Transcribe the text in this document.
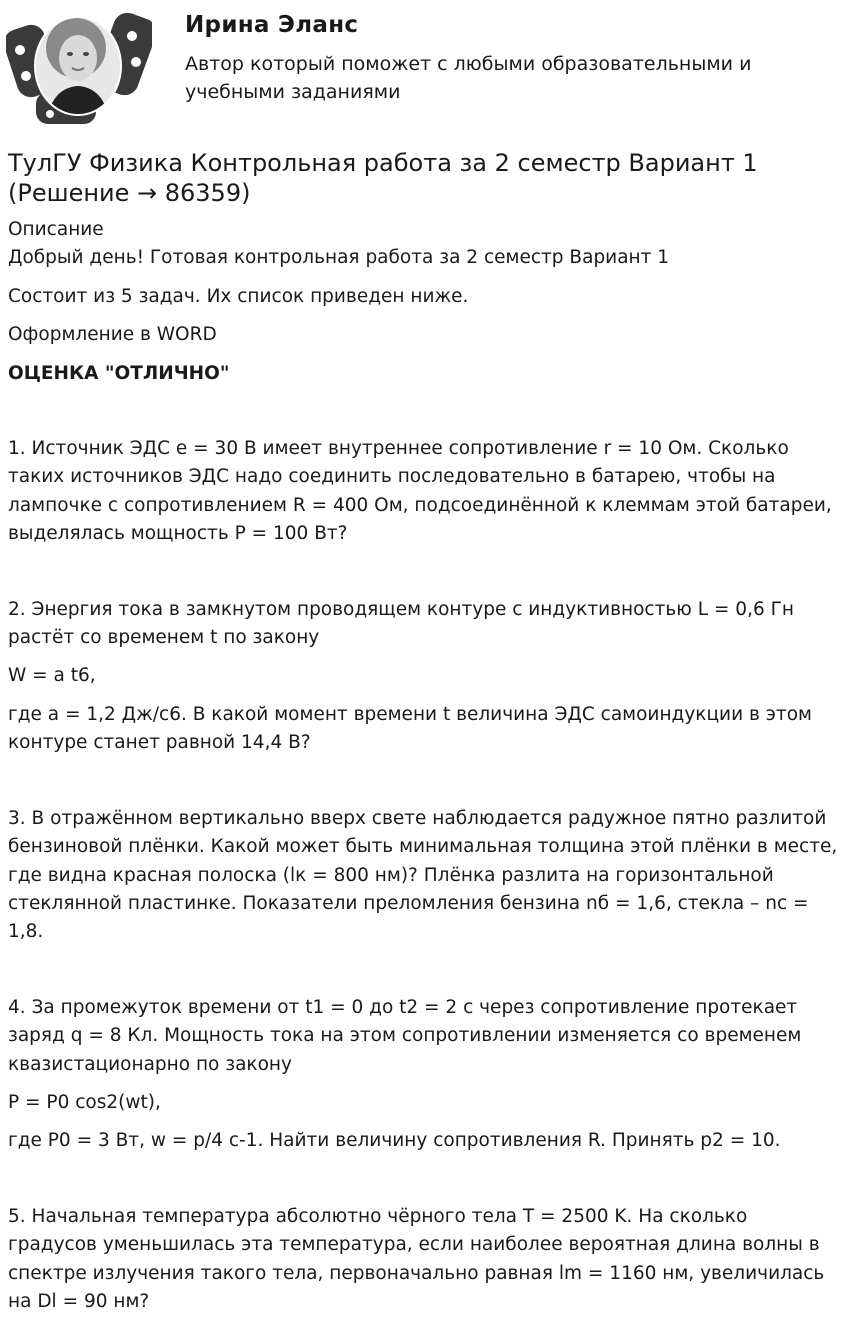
Ирина Эланс
Автор который поможет с любыми образовательными и учебными заданиями
ТулГУ Физика Контрольная работа за 2 семестр Вариант 1 (Решение → 86359)

Описание

Добрый день! Готовая контрольная работа за 2 семестр Вариант 1

Состоит из 5 задач. Их список приведен ниже.

Оформление в WORD

ОЦЕНКА "ОТЛИЧНО"

1. Источник ЭДС e = 30 В имеет внутреннее сопротивление r = 10 Ом. Сколько таких источников ЭДС надо соединить последовательно в батарею, чтобы на лампочке с сопротивлением R = 400 Ом, подсоединённой к клеммам этой батареи, выделялась мощность P = 100 Вт?

2. Энергия тока в замкнутом проводящем контуре с индуктивностью L = 0,6 Гн растёт со временем t по закону

W = a t6,

где a = 1,2 Дж/с6. В какой момент времени t величина ЭДС самоиндукции в этом контуре станет равной 14,4 В?

3. В отражённом вертикально вверх свете наблюдается радужное пятно разлитой бензиновой плёнки. Какой может быть минимальная толщина этой плёнки в месте, где видна красная полоска (lк = 800 нм)? Плёнка разлита на горизонтальной стеклянной пластинке. Показатели преломления бензина nб = 1,6, стекла – nс = 1,8.

4. За промежуток времени от t1 = 0 до t2 = 2 с через сопротивление протекает заряд q = 8 Кл. Мощность тока на этом сопротивлении изменяется со временем квазистационарно по закону

P = P0 cos2(wt),

где P0 = 3 Вт, w = p/4 с-1. Найти величину сопротивления R. Принять p2 = 10.

5. Начальная температура абсолютно чёрного тела T = 2500 K. На сколько градусов уменьшилась эта температура, если наиболее вероятная длина волны в спектре излучения такого тела, первоначально равная lm = 1160 нм, увеличилась на Dl = 90 нм?
